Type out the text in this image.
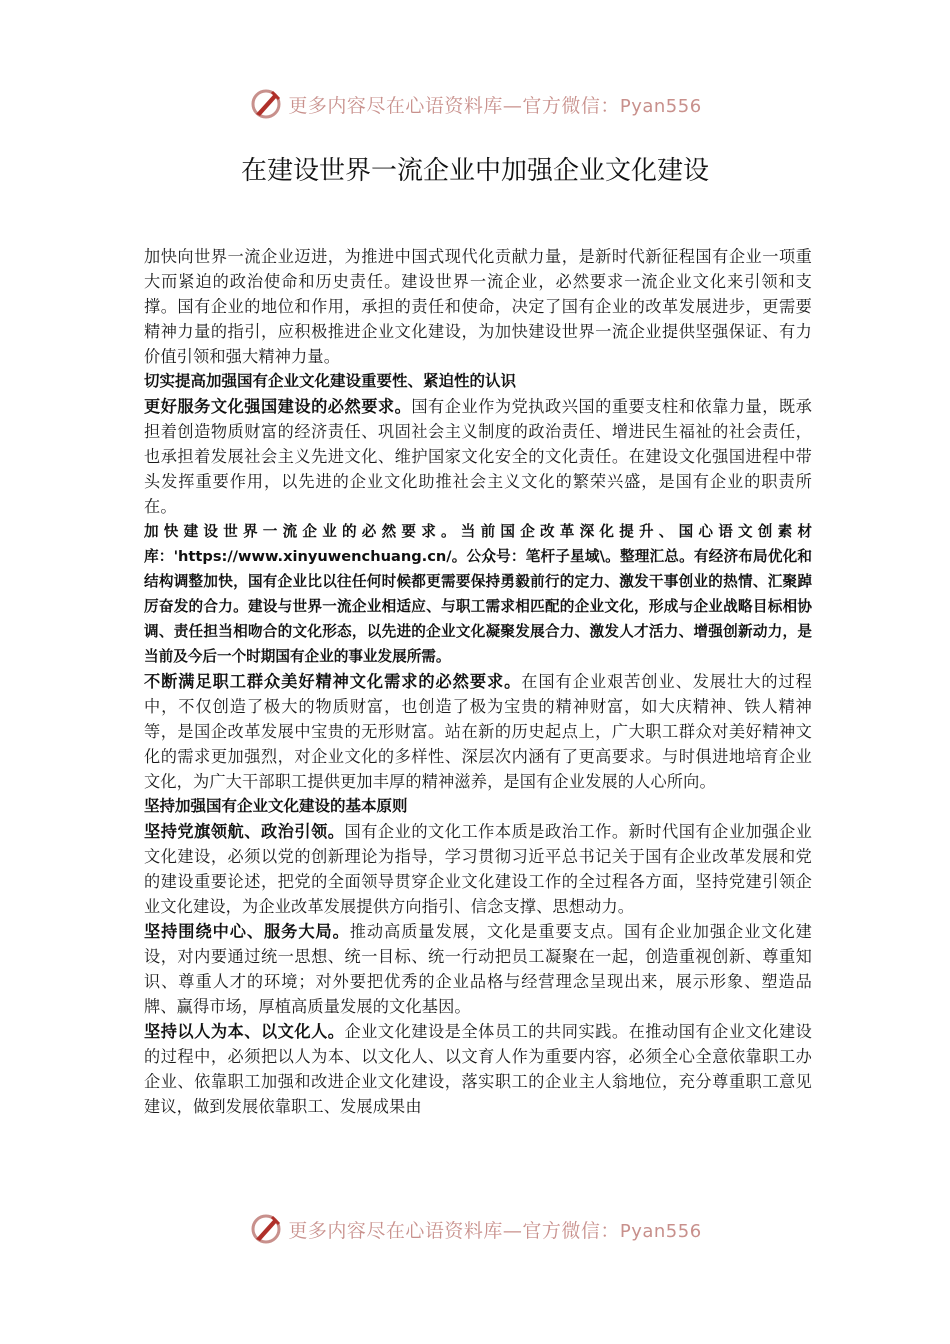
更多内容尽在心语资料库—官方微信：Pyan556
在建设世界一流企业中加强企业文化建设

加快向世界一流企业迈进，为推进中国式现代化贡献力量，是新时代新征程国有企业一项重大而紧迫的政治使命和历史责任。建设世界一流企业，必然要求一流企业文化来引领和支撑。国有企业的地位和作用，承担的责任和使命，决定了国有企业的改革发展进步，更需要精神力量的指引，应积极推进企业文化建设，为加快建设世界一流企业提供坚强保证、有力价值引领和强大精神力量。

切实提高加强国有企业文化建设重要性、紧迫性的认识

更好服务文化强国建设的必然要求。国有企业作为党执政兴国的重要支柱和依靠力量，既承担着创造物质财富的经济责任、巩固社会主义制度的政治责任、增进民生福祉的社会责任，也承担着发展社会主义先进文化、维护国家文化安全的文化责任。在建设文化强国进程中带头发挥重要作用，以先进的企业文化助推社会主义文化的繁荣兴盛，是国有企业的职责所在。

加快建设世界一流企业的必然要求。当前国企改革深化提升、国心语文创素材库：'https://www.xinyuwenchuang.cn/。公众号：笔杆子星域\。整理汇总。有经济布局优化和结构调整加快，国有企业比以往任何时候都更需要保持勇毅前行的定力、激发干事创业的热情、汇聚踔厉奋发的合力。建设与世界一流企业相适应、与职工需求相匹配的企业文化，形成与企业战略目标相协调、责任担当相吻合的文化形态，以先进的企业文化凝聚发展合力、激发人才活力、增强创新动力，是当前及今后一个时期国有企业的事业发展所需。

不断满足职工群众美好精神文化需求的必然要求。在国有企业艰苦创业、发展壮大的过程中，不仅创造了极大的物质财富，也创造了极为宝贵的精神财富，如大庆精神、铁人精神等，是国企改革发展中宝贵的无形财富。站在新的历史起点上，广大职工群众对美好精神文化的需求更加强烈，对企业文化的多样性、深层次内涵有了更高要求。与时俱进地培育企业文化，为广大干部职工提供更加丰厚的精神滋养，是国有企业发展的人心所向。

坚持加强国有企业文化建设的基本原则

坚持党旗领航、政治引领。国有企业的文化工作本质是政治工作。新时代国有企业加强企业文化建设，必须以党的创新理论为指导，学习贯彻习近平总书记关于国有企业改革发展和党的建设重要论述，把党的全面领导贯穿企业文化建设工作的全过程各方面，坚持党建引领企业文化建设，为企业改革发展提供方向指引、信念支撑、思想动力。

坚持围绕中心、服务大局。推动高质量发展，文化是重要支点。国有企业加强企业文化建设，对内要通过统一思想、统一目标、统一行动把员工凝聚在一起，创造重视创新、尊重知识、尊重人才的环境；对外要把优秀的企业品格与经营理念呈现出来，展示形象、塑造品牌、赢得市场，厚植高质量发展的文化基因。

坚持以人为本、以文化人。企业文化建设是全体员工的共同实践。在推动国有企业文化建设的过程中，必须把以人为本、以文化人、以文育人作为重要内容，必须全心全意依靠职工办企业、依靠职工加强和改进企业文化建设，落实职工的企业主人翁地位，充分尊重职工意见建议，做到发展依靠职工、发展成果由

更多内容尽在心语资料库—官方微信：Pyan556
